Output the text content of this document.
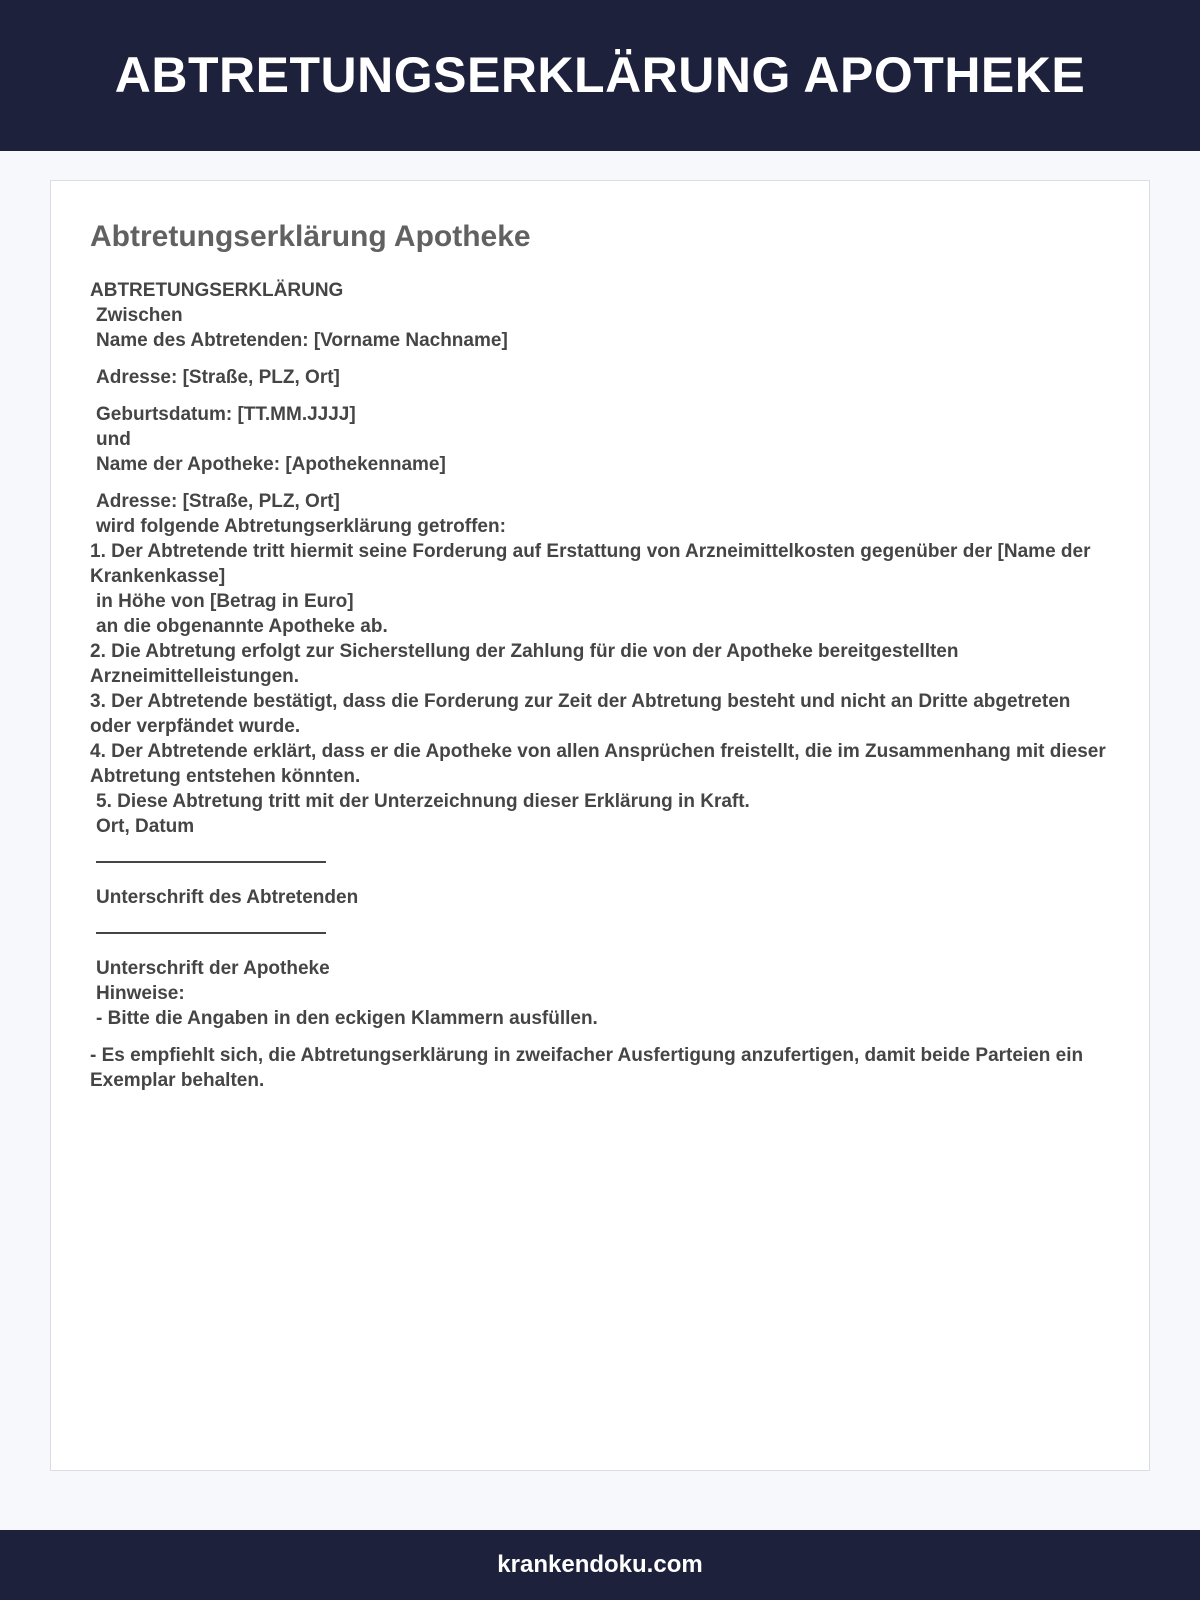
ABTRETUNGSERKLÄRUNG APOTHEKE
Abtretungserklärung Apotheke
ABTRETUNGSERKLÄRUNG
Zwischen
Name des Abtretenden: [Vorname Nachname]
Adresse: [Straße, PLZ, Ort]
Geburtsdatum: [TT.MM.JJJJ]
und
Name der Apotheke: [Apothekenname]
Adresse: [Straße, PLZ, Ort]
wird folgende Abtretungserklärung getroffen:
1. Der Abtretende tritt hiermit seine Forderung auf Erstattung von Arzneimittelkosten gegenüber der [Name der Krankenkasse]
in Höhe von [Betrag in Euro]
an die obgenannte Apotheke ab.
2. Die Abtretung erfolgt zur Sicherstellung der Zahlung für die von der Apotheke bereitgestellten Arzneimittelleistungen.
3. Der Abtretende bestätigt, dass die Forderung zur Zeit der Abtretung besteht und nicht an Dritte abgetreten oder verpfändet wurde.
4. Der Abtretende erklärt, dass er die Apotheke von allen Ansprüchen freistellt, die im Zusammenhang mit dieser Abtretung entstehen könnten.
5. Diese Abtretung tritt mit der Unterzeichnung dieser Erklärung in Kraft.
Ort, Datum
Unterschrift des Abtretenden
Unterschrift der Apotheke
Hinweise:
- Bitte die Angaben in den eckigen Klammern ausfüllen.
- Es empfiehlt sich, die Abtretungserklärung in zweifacher Ausfertigung anzufertigen, damit beide Parteien ein Exemplar behalten.
krankendoku.com
